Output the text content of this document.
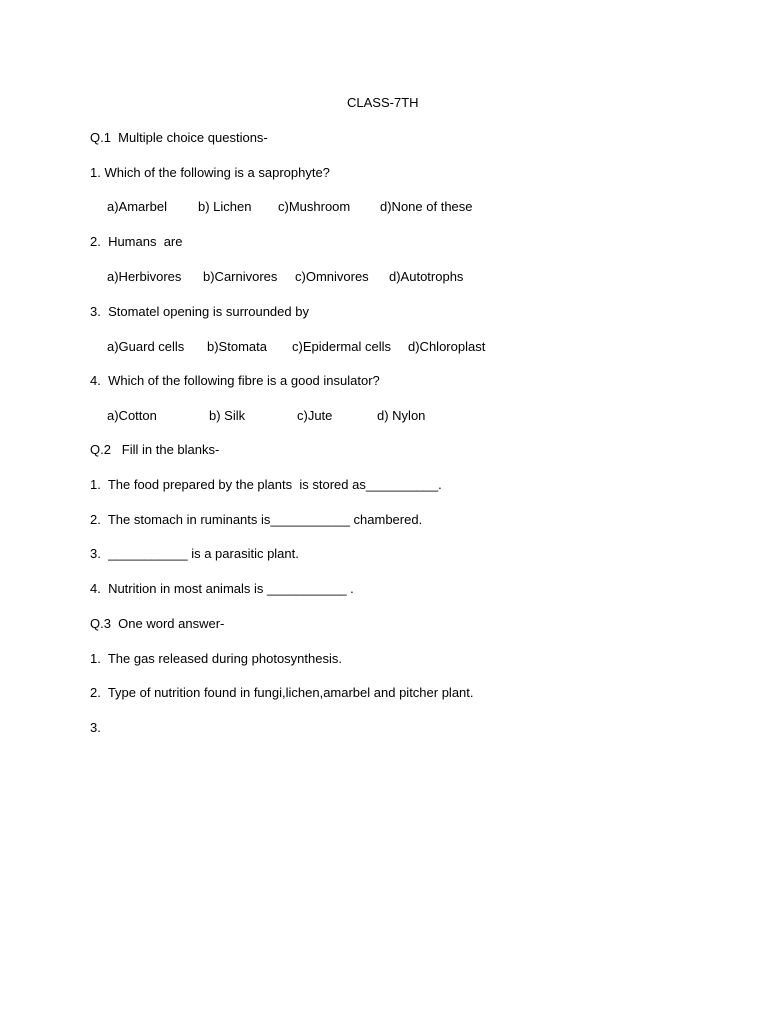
CLASS-7TH
Q.1  Multiple choice questions-
1. Which of the following is a saprophyte?
a)Amarbel b) Lichen c)Mushroom d)None of these
2.  Humans  are
a)Herbivores b)Carnivores c)Omnivores d)Autotrophs
3.  Stomatel opening is surrounded by
a)Guard cells b)Stomata c)Epidermal cells d)Chloroplast
4.  Which of the following fibre is a good insulator?
a)Cotton	b) Silk	c)Jute	d) Nylon
Q.2   Fill in the blanks-
1.  The food prepared by the plants  is stored as__________.
2.  The stomach in ruminants is___________ chambered.
3.  ___________ is a parasitic plant.
4.  Nutrition in most animals is ___________ .
Q.3  One word answer-
1.  The gas released during photosynthesis.
2.  Type of nutrition found in fungi,lichen,amarbel and pitcher plant.
3.
